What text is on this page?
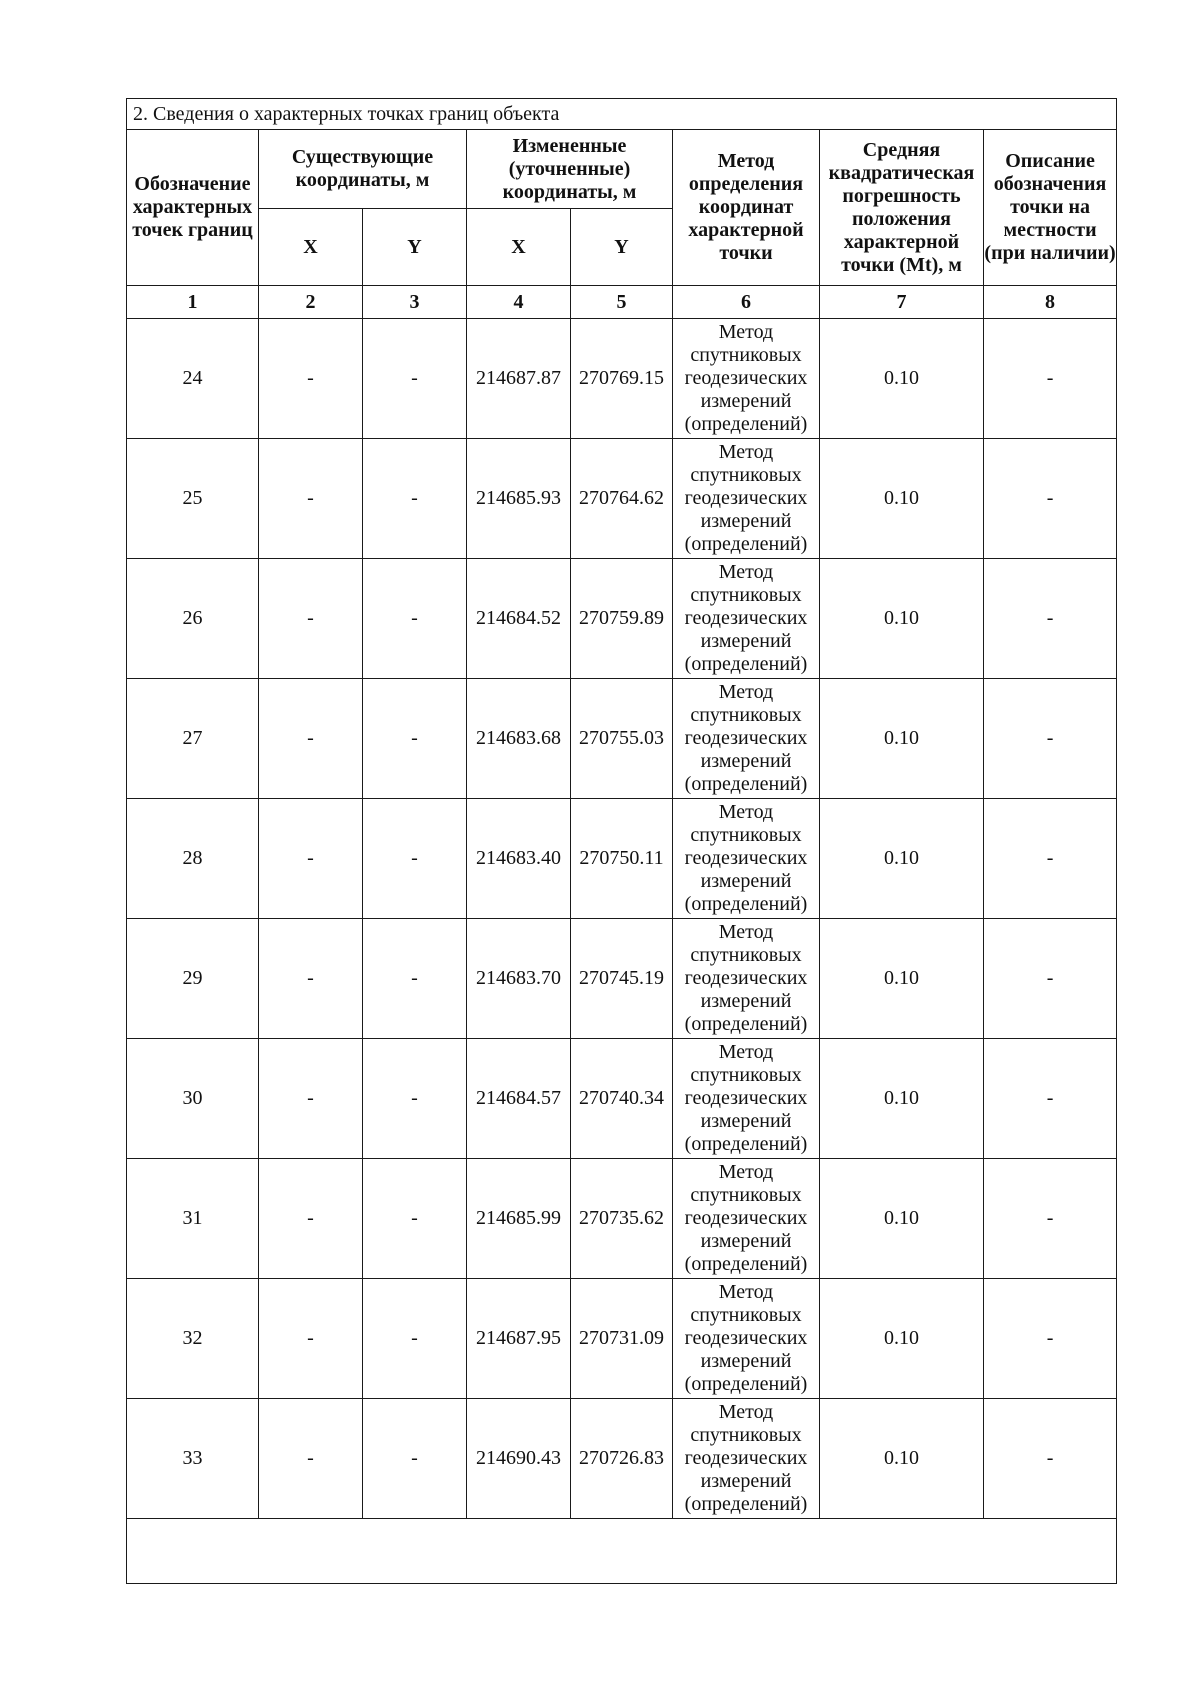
2. Сведения о характерных точках границ объекта							
Обозначение характерных точек границ	Существующие координаты, м		Измененные (уточненные) координаты, м		Метод определения координат характерной точки	Средняя квадратическая погрешность положения характерной точки (Mt), м	Описание обозначения точки на местности (при наличии)
	X	Y	X	Y			
1	2	3	4	5	6	7	8
24	-	-	214687.87	270769.15	Метод спутниковых геодезических измерений (определений)	0.10	-
25	-	-	214685.93	270764.62	Метод спутниковых геодезических измерений (определений)	0.10	-
26	-	-	214684.52	270759.89	Метод спутниковых геодезических измерений (определений)	0.10	-
27	-	-	214683.68	270755.03	Метод спутниковых геодезических измерений (определений)	0.10	-
28	-	-	214683.40	270750.11	Метод спутниковых геодезических измерений (определений)	0.10	-
29	-	-	214683.70	270745.19	Метод спутниковых геодезических измерений (определений)	0.10	-
30	-	-	214684.57	270740.34	Метод спутниковых геодезических измерений (определений)	0.10	-
31	-	-	214685.99	270735.62	Метод спутниковых геодезических измерений (определений)	0.10	-
32	-	-	214687.95	270731.09	Метод спутниковых геодезических измерений (определений)	0.10	-
33	-	-	214690.43	270726.83	Метод спутниковых геодезических измерений (определений)	0.10	-
